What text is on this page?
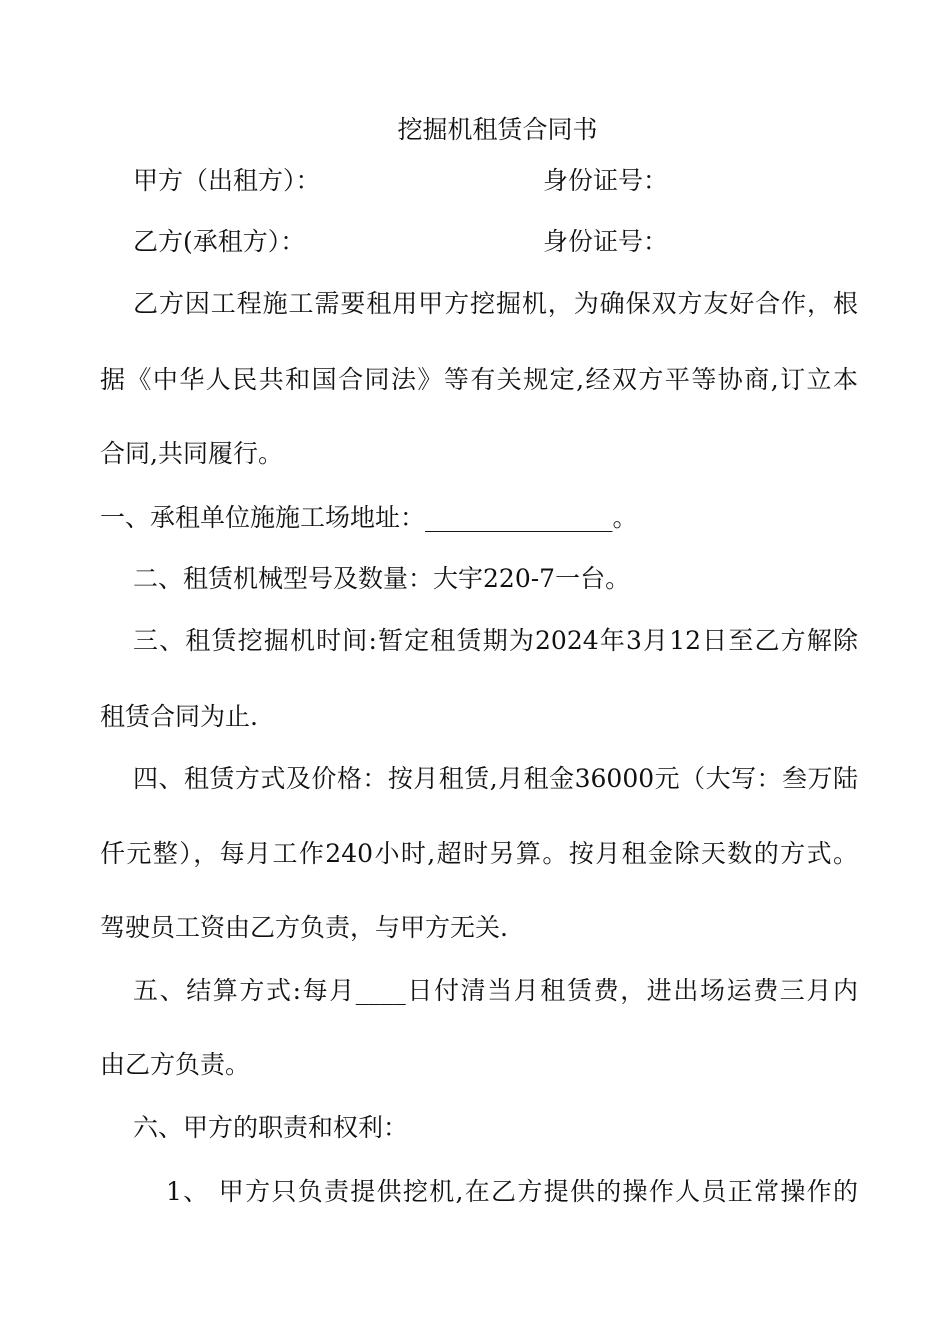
挖掘机租赁合同书

甲方（出租方）：	身份证号：

乙方(承租方）：	身份证号：

乙方因工程施工需要租用甲方挖掘机，为确保双方友好合作，根

据《中华人民共和国合同法》等有关规定,经双方平等协商,订立本

合同,共同履行。

一、承租单位施施工场地址：_______________。

二、租赁机械型号及数量：大宇220-7一台。

三、租赁挖掘机时间:暂定租赁期为2024年3月12日至乙方解除

租赁合同为止.

四、租赁方式及价格：按月租赁,月租金36000元（大写：叁万陆

仟元整），每月工作240小时,超时另算。按月租金除天数的方式。

驾驶员工资由乙方负责，与甲方无关.

五、结算方式:每月____日付清当月租赁费，进出场运费三月内

由乙方负责。

六、甲方的职责和权利：

1、 甲方只负责提供挖机,在乙方提供的操作人员正常操作的
